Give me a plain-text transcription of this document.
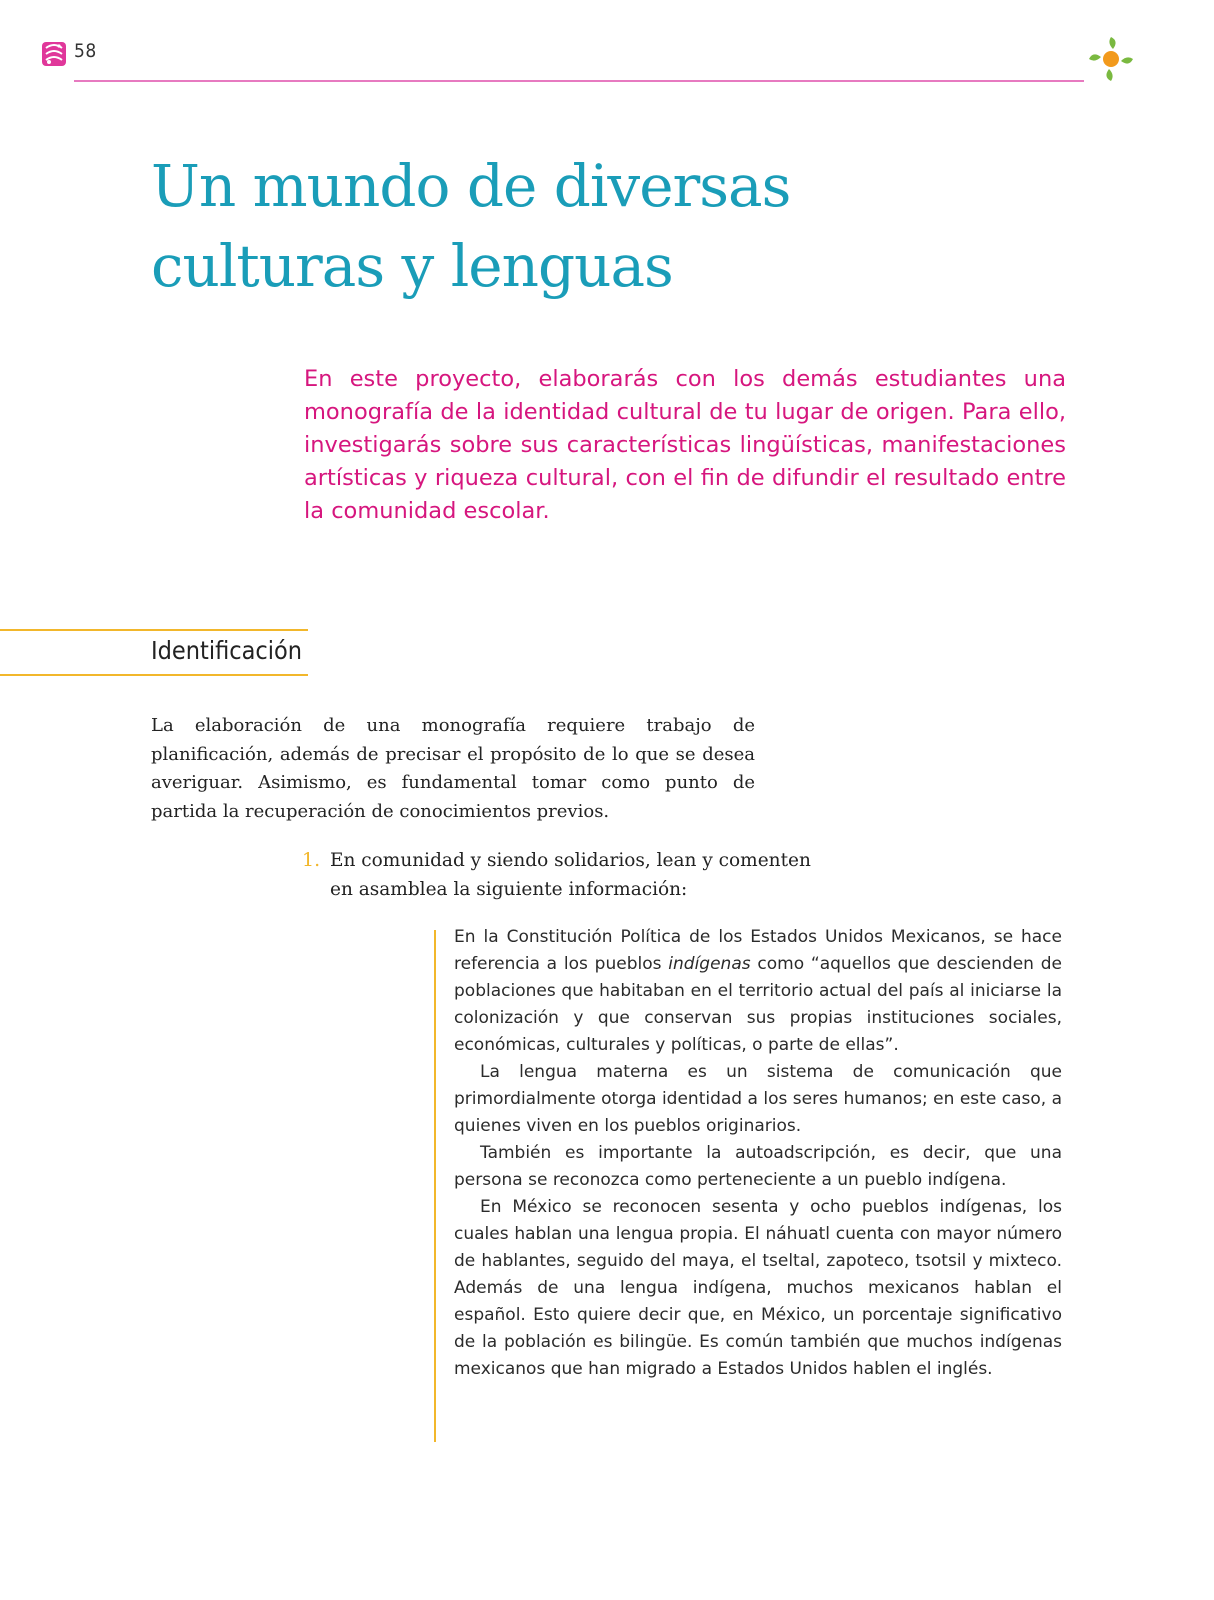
58
Un mundo de diversas
culturas y lenguas

En este proyecto, elaborarás con los demás estudiantes una monografía de la identidad cultural de tu lugar de origen. Para ello, investigarás sobre sus características lingüísticas, manifestaciones artísticas y riqueza cultural, con el fin de difundir el resultado entre la comunidad escolar.

Identificación

La elaboración de una monografía requiere trabajo de planificación, además de precisar el propósito de lo que se desea averiguar. Asimismo, es fundamental tomar como punto de partida la recuperación de conocimientos previos.

1. En comunidad y siendo solidarios, lean y comenten en asamblea la siguiente información:

En la Constitución Política de los Estados Unidos Mexicanos, se hace referencia a los pueblos indígenas como “aquellos que descienden de poblaciones que habitaban en el territorio actual del país al iniciarse la colonización y que conservan sus propias instituciones sociales, económicas, culturales y políticas, o parte de ellas”.

La lengua materna es un sistema de comunicación que primordialmente otorga identidad a los seres humanos; en este caso, a quienes viven en los pueblos originarios.

También es importante la autoadscripción, es decir, que una persona se reconozca como perteneciente a un pueblo indígena.

En México se reconocen sesenta y ocho pueblos indígenas, los cuales hablan una lengua propia. El náhuatl cuenta con mayor número de hablantes, seguido del maya, el tseltal, zapoteco, tsotsil y mixteco. Además de una lengua indígena, muchos mexicanos hablan el español. Esto quiere decir que, en México, un porcentaje significativo de la población es bilingüe. Es común también que muchos indígenas mexicanos que han migrado a Estados Unidos hablen el inglés.
